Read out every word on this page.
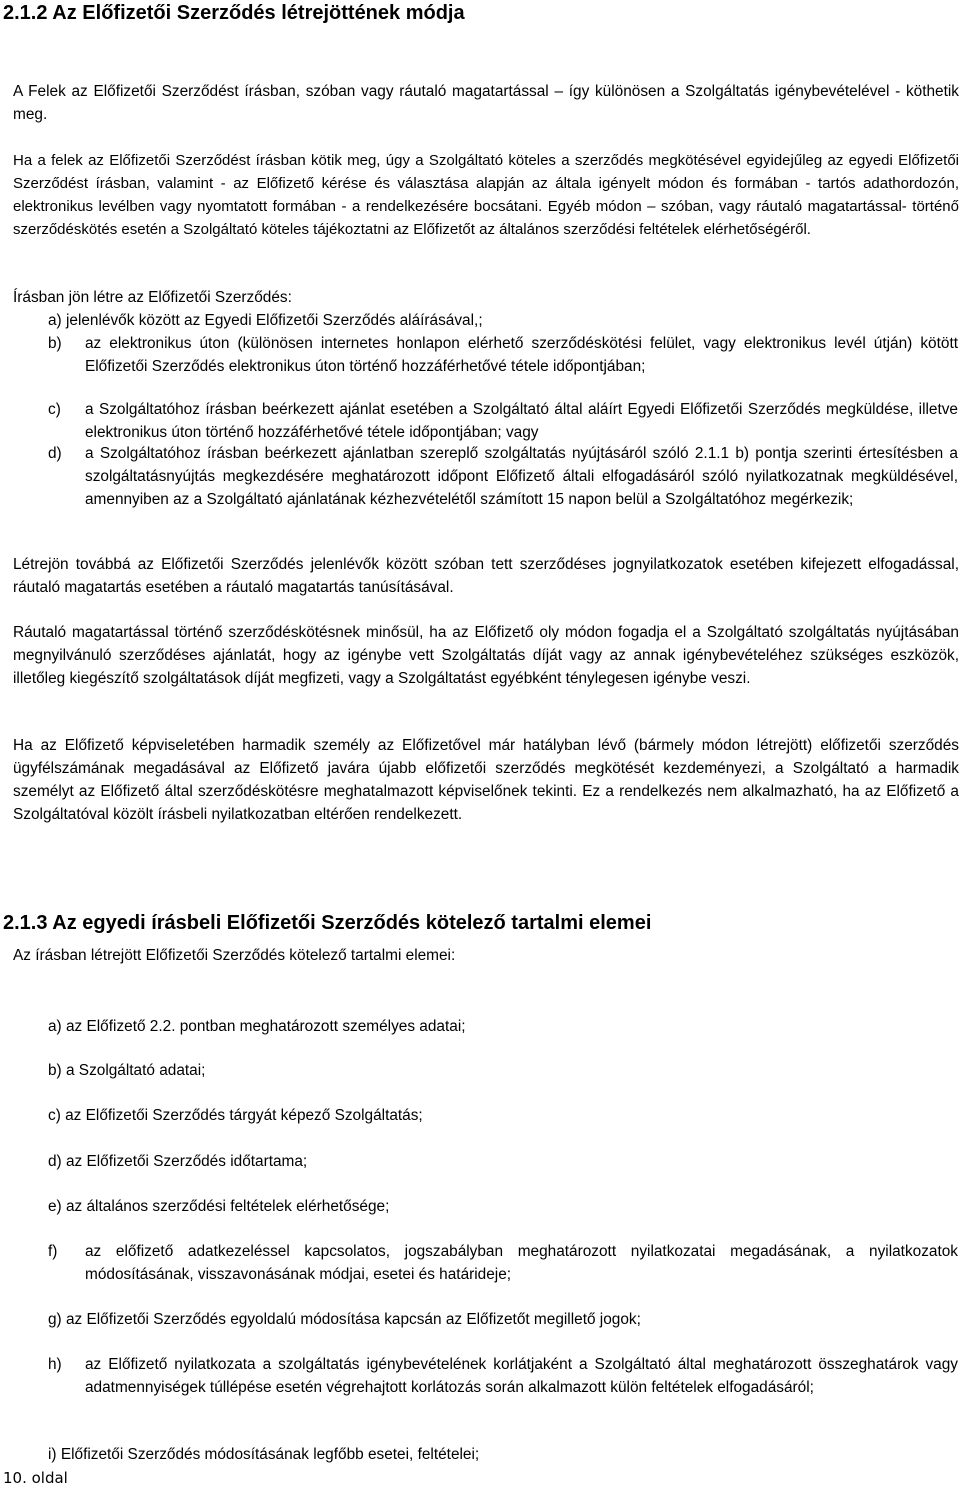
2.1.2 Az Előfizetői Szerződés létrejöttének módja

A Felek az Előfizetői Szerződést írásban, szóban vagy ráutaló magatartással – így különösen a Szolgáltatás igénybevételével - köthetik meg.

Ha a felek az Előfizetői Szerződést írásban kötik meg, úgy a Szolgáltató köteles a szerződés megkötésével egyidejűleg az egyedi Előfizetői Szerződést írásban, valamint - az Előfizető kérése és választása alapján az általa igényelt módon és formában - tartós adathordozón, elektronikus levélben vagy nyomtatott formában - a rendelkezésére bocsátani. Egyéb módon – szóban, vagy ráutaló magatartással- történő szerződéskötés esetén a Szolgáltató köteles tájékoztatni az Előfizetőt az általános szerződési feltételek elérhetőségéről.

Írásban jön létre az Előfizetői Szerződés:

a) jelenlévők között az Egyedi Előfizetői Szerződés aláírásával,;
b) az elektronikus úton (különösen internetes honlapon elérhető szerződéskötési felület, vagy elektronikus levél útján) kötött Előfizetői Szerződés elektronikus úton történő hozzáférhetővé tétele időpontjában;
c) a Szolgáltatóhoz írásban beérkezett ajánlat esetében a Szolgáltató által aláírt Egyedi Előfizetői Szerződés megküldése, illetve elektronikus úton történő hozzáférhetővé tétele időpontjában; vagy
d) a Szolgáltatóhoz írásban beérkezett ajánlatban szereplő szolgáltatás nyújtásáról szóló 2.1.1 b) pontja szerinti értesítésben a szolgáltatásnyújtás megkezdésére meghatározott időpont Előfizető általi elfogadásáról szóló nyilatkozatnak megküldésével, amennyiben az a Szolgáltató ajánlatának kézhezvételétől számított 15 napon belül a Szolgáltatóhoz megérkezik;

Létrejön továbbá az Előfizetői Szerződés jelenlévők között szóban tett szerződéses jognyilatkozatok esetében kifejezett elfogadással, ráutaló magatartás esetében a ráutaló magatartás tanúsításával.

Ráutaló magatartással történő szerződéskötésnek minősül, ha az Előfizető oly módon fogadja el a Szolgáltató szolgáltatás nyújtásában megnyilvánuló szerződéses ajánlatát, hogy az igénybe vett Szolgáltatás díját vagy az annak igénybevételéhez szükséges eszközök, illetőleg kiegészítő szolgáltatások díját megfizeti, vagy a Szolgáltatást egyébként ténylegesen igénybe veszi.

Ha az Előfizető képviseletében harmadik személy az Előfizetővel már hatályban lévő (bármely módon létrejött) előfizetői szerződés ügyfélszámának megadásával az Előfizető javára újabb előfizetői szerződés megkötését kezdeményezi, a Szolgáltató a harmadik személyt az Előfizető által szerződéskötésre meghatalmazott képviselőnek tekinti. Ez a rendelkezés nem alkalmazható, ha az Előfizető a Szolgáltatóval közölt írásbeli nyilatkozatban eltérően rendelkezett.

2.1.3 Az egyedi írásbeli Előfizetői Szerződés kötelező tartalmi elemei

Az írásban létrejött Előfizetői Szerződés kötelező tartalmi elemei:

a) az Előfizető 2.2. pontban meghatározott személyes adatai;
b) a Szolgáltató adatai;
c) az Előfizetői Szerződés tárgyát képező Szolgáltatás;
d) az Előfizetői Szerződés időtartama;
e) az általános szerződési feltételek elérhetősége;
f) az előfizető adatkezeléssel kapcsolatos, jogszabályban meghatározott nyilatkozatai megadásának, a nyilatkozatok módosításának, visszavonásának módjai, esetei és határideje;
g) az Előfizetői Szerződés egyoldalú módosítása kapcsán az Előfizetőt megillető jogok;
h) az Előfizető nyilatkozata a szolgáltatás igénybevételének korlátjaként a Szolgáltató által meghatározott összeghatárok vagy adatmennyiségek túllépése esetén végrehajtott korlátozás során alkalmazott külön feltételek elfogadásáról;
i) Előfizetői Szerződés módosításának legfőbb esetei, feltételei;
10. oldal
